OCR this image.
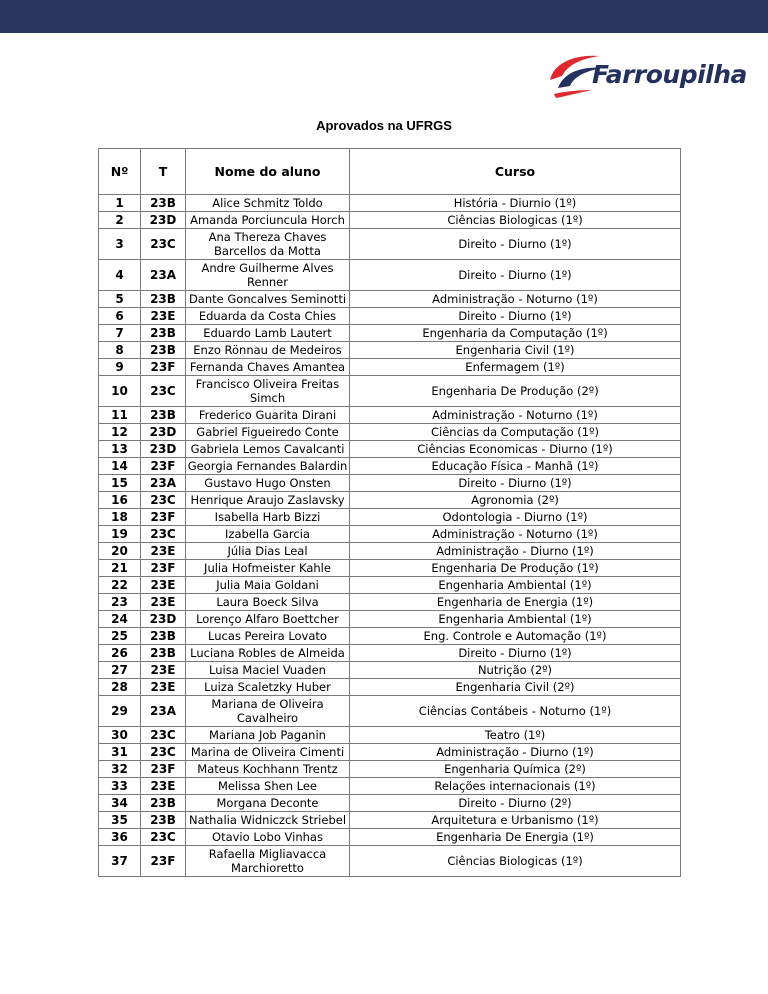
Farroupilha
Aprovados na UFRGS
Nº	T	Nome do aluno	Curso
1	23B	Alice Schmitz Toldo	História - Diurnio (1º)
2	23D	Amanda Porciuncula Horch	Ciências Biologicas (1º)
3	23C	Ana Thereza Chaves Barcellos da Motta	Direito - Diurno (1º)
4	23A	Andre Guilherme Alves Renner	Direito - Diurno (1º)
5	23B	Dante Goncalves Seminotti	Administração - Noturno (1º)
6	23E	Eduarda da Costa Chies	Direito - Diurno (1º)
7	23B	Eduardo Lamb Lautert	Engenharia da Computação (1º)
8	23B	Enzo Rönnau de Medeiros	Engenharia Civil (1º)
9	23F	Fernanda Chaves Amantea	Enfermagem (1º)
10	23C	Francisco Oliveira Freitas Simch	Engenharia De Produção (2º)
11	23B	Frederico Guarita Dirani	Administração - Noturno (1º)
12	23D	Gabriel Figueiredo Conte	Ciências da Computação (1º)
13	23D	Gabriela Lemos Cavalcanti	Ciências Economicas - Diurno (1º)
14	23F	Georgia Fernandes Balardin	Educação Física - Manhã (1º)
15	23A	Gustavo Hugo Onsten	Direito - Diurno (1º)
16	23C	Henrique Araujo Zaslavsky	Agronomia (2º)
18	23F	Isabella Harb Bizzi	Odontologia - Diurno (1º)
19	23C	Izabella Garcia	Administração - Noturno (1º)
20	23E	Júlia Dias Leal	Administração - Diurno (1º)
21	23F	Julia Hofmeister Kahle	Engenharia De Produção (1º)
22	23E	Julia Maia Goldani	Engenharia Ambiental (1º)
23	23E	Laura Boeck Silva	Engenharia de Energia (1º)
24	23D	Lorenço Alfaro Boettcher	Engenharia Ambiental (1º)
25	23B	Lucas Pereira Lovato	Eng. Controle e Automação (1º)
26	23B	Luciana Robles de Almeida	Direito - Diurno (1º)
27	23E	Luisa Maciel Vuaden	Nutrição (2º)
28	23E	Luiza Scaletzky Huber	Engenharia Civil (2º)
29	23A	Mariana de Oliveira Cavalheiro	Ciências Contábeis - Noturno (1º)
30	23C	Mariana Job Paganin	Teatro (1º)
31	23C	Marina de Oliveira Cimenti	Administração - Diurno (1º)
32	23F	Mateus Kochhann Trentz	Engenharia Química (2º)
33	23E	Melissa Shen Lee	Relações internacionais (1º)
34	23B	Morgana Deconte	Direito - Diurno (2º)
35	23B	Nathalia Widniczck Striebel	Arquitetura e Urbanismo (1º)
36	23C	Otavio Lobo Vinhas	Engenharia De Energia (1º)
37	23F	Rafaella Migliavacca Marchioretto	Ciências Biologicas (1º)
